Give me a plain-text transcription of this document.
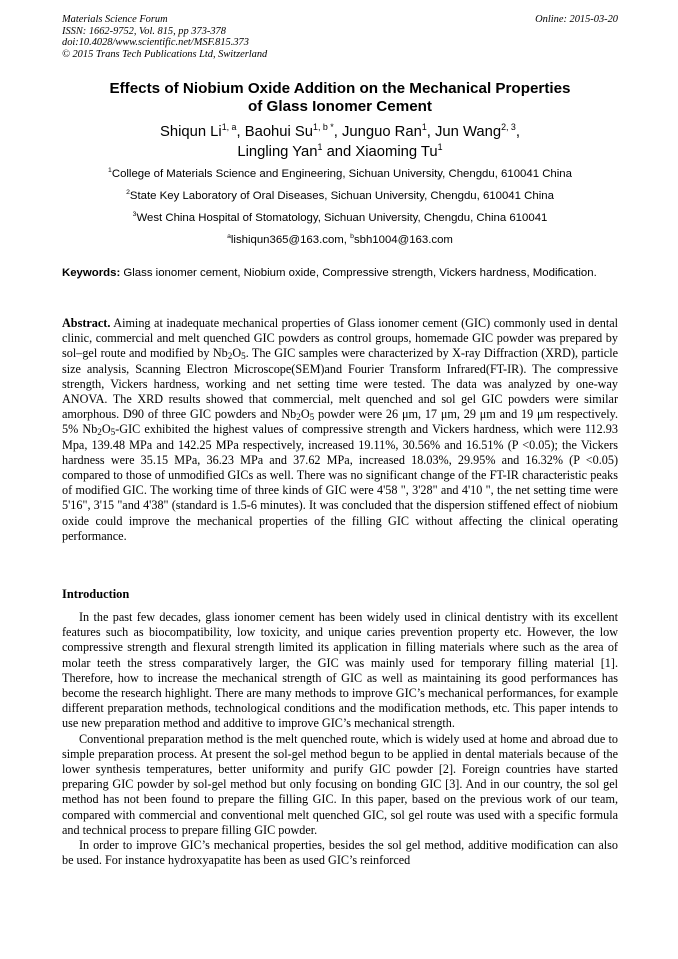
Materials Science Forum
ISSN: 1662-9752, Vol. 815, pp 373-378
doi:10.4028/www.scientific.net/MSF.815.373
© 2015 Trans Tech Publications Ltd, Switzerland
Online: 2015-03-20
Effects of Niobium Oxide Addition on the Mechanical Properties
of Glass Ionomer Cement
Shiqun Li$^{1, a}$, Baohui $Su^{1, b *}$, Junguo Ran$^1$, Jun Wang$^{2, 3}$,
Lingling Yan$^1$ and Xiaoming Tu$^1$
$^1$College of Materials Science and Engineering, Sichuan University, Chengdu, 610041 China
$^2$State Key Laboratory of Oral Diseases, Sichuan University, Chengdu, 610041 China
$^3$West China Hospital of Stomatology, Sichuan University, Chengdu, China 610041
$^a$lishiqun365@163.com, $^b$sbh1004@163.com
Keywords: Glass ionomer cement, Niobium oxide, Compressive strength, Vickers hardness, Modification.
Abstract. Aiming at inadequate mechanical properties of Glass ionomer cement (GIC) commonly used in dental clinic, commercial and melt quenched GIC powders as control groups, homemade GIC powder was prepared by sol–gel route and modified by $Nb_2O_5$. The GIC samples were characterized by X-ray Diffraction (XRD), particle size analysis, Scanning Electron Microscope(SEM)and Fourier Transform Infrared(FT-IR). The compressive strength, Vickers hardness, working and net setting time were tested. The data was analyzed by one-way ANOVA. The XRD results showed that commercial, melt quenched and sol gel GIC powders were similar amorphous. D90 of three GIC powders and $Nb_2O_5$ powder were 26 μm, 17 μm, 29 μm and 19 μm respectively. 5% $Nb_2O_5$-GIC exhibited the highest values of compressive strength and Vickers hardness, which were 112.93 Mpa, 139.48 MPa and 142.25 MPa respectively, increased 19.11%, 30.56% and 16.51% (P <0.05); the Vickers hardness were 35.15 MPa, 36.23 MPa and 37.62 MPa, increased 18.03%, 29.95% and 16.32% (P <0.05) compared to those of unmodified GICs as well. There was no significant change of the FT-IR characteristic peaks of modified GIC. The working time of three kinds of GIC were 4'58 ", 3'28" and 4'10 ", the net setting time were 5'16", 3'15 "and 4'38" (standard is 1.5-6 minutes). It was concluded that the dispersion stiffened effect of niobium oxide could improve the mechanical properties of the filling GIC without affecting the clinical operating performance.
Introduction

In the past few decades, glass ionomer cement has been widely used in clinical dentistry with its excellent features such as biocompatibility, low toxicity, and unique caries prevention property etc. However, the low compressive strength and flexural strength limited its application in filling materials where such as the area of molar teeth the stress comparatively larger, the GIC was mainly used for temporary filling material [1]. Therefore, how to increase the mechanical strength of GIC as well as maintaining its good performances has become the research highlight. There are many methods to improve GIC’s mechanical performances, for example different preparation methods, technological conditions and the modification methods, etc. This paper intends to use new preparation method and additive to improve GIC’s mechanical strength.

Conventional preparation method is the melt quenched route, which is widely used at home and abroad due to simple preparation process. At present the sol-gel method begun to be applied in dental materials because of the lower synthesis temperatures, better uniformity and purify GIC powder [2]. Foreign countries have started preparing GIC powder by sol-gel method but only focusing on bonding GIC [3]. And in our country, the sol gel method has not been found to prepare the filling GIC. In this paper, based on the previous work of our team, compared with commercial and conventional melt quenched GIC, sol gel route was used with a specific formula and technical process to prepare filling GIC powder.

In order to improve GIC’s mechanical properties, besides the sol gel method, additive modification can also be used. For instance hydroxyapatite has been as used GIC’s reinforced
